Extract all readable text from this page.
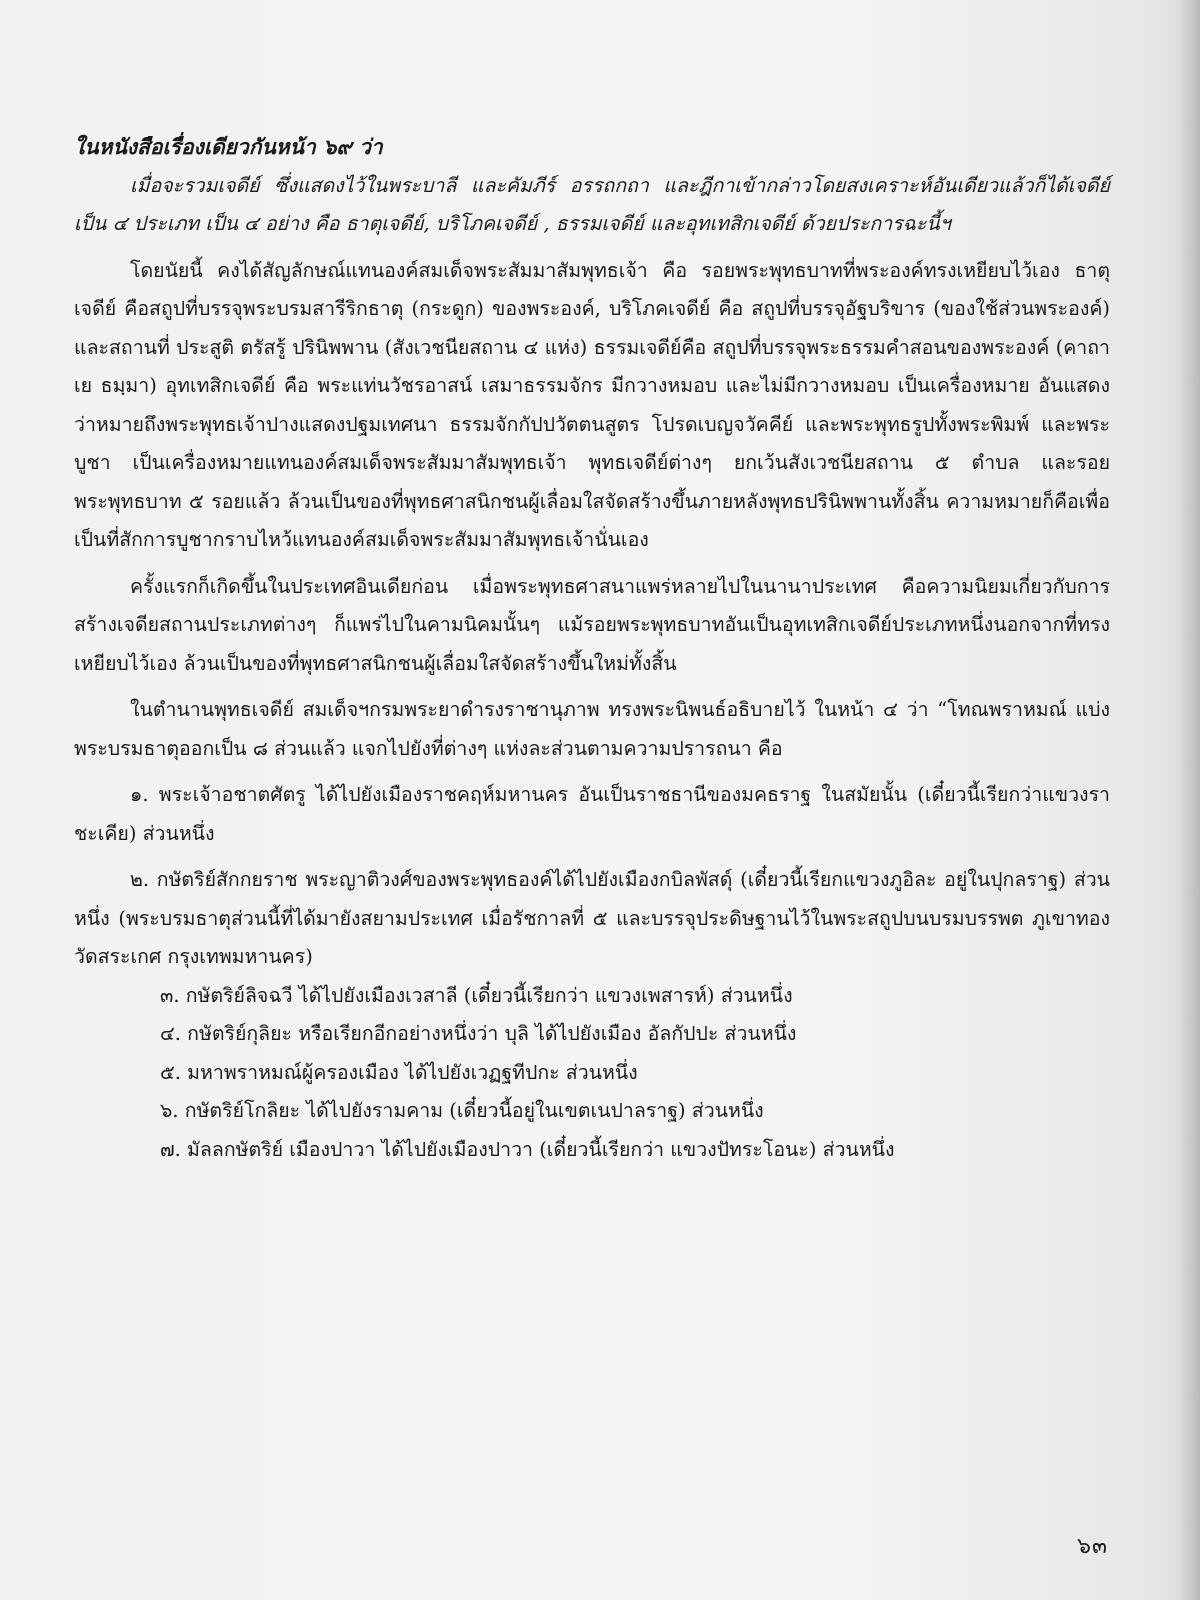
ในหนังสือเรื่องเดียวกันหน้า ๖๙ ว่า

เมื่อจะรวมเจดีย์ ซึ่งแสดงไว้ในพระบาลี และคัมภีร์ อรรถกถา และฎีกาเข้ากล่าวโดยสงเคราะห์อันเดียวแล้วก็ได้เจดีย์ เป็น ๔ ประเภท เป็น ๔ อย่าง คือ ธาตุเจดีย์, บริโภคเจดีย์ , ธรรมเจดีย์ และอุทเทสิกเจดีย์ ด้วยประการฉะนี้ฯ

โดยนัยนี้ คงได้สัญลักษณ์แทนองค์สมเด็จพระสัมมาสัมพุทธเจ้า คือ รอยพระพุทธบาทที่พระองค์ทรงเหยียบไว้เอง ธาตุเจดีย์ คือสถูปที่บรรจุพระบรมสารีริกธาตุ (กระดูก) ของพระองค์, บริโภคเจดีย์ คือ สถูปที่บรรจุอัฐบริขาร (ของใช้ส่วนพระองค์) และสถานที่ ประสูติ ตรัสรู้ ปรินิพพาน (สังเวชนียสถาน ๔ แห่ง) ธรรมเจดีย์คือ สถูปที่บรรจุพระธรรมคำสอนของพระองค์ (คาถา เย ธมฺมา) อุทเทสิกเจดีย์ คือ พระแท่นวัชรอาสน์ เสมาธรรมจักร มีกวางหมอบ และไม่มีกวางหมอบ เป็นเครื่องหมาย อันแสดงว่าหมายถึงพระพุทธเจ้าปางแสดงปฐมเทศนา ธรรมจักกัปปวัตตนสูตร โปรดเบญจวัคคีย์ และพระพุทธรูปทั้งพระพิมพ์ และพระบูชา เป็นเครื่องหมายแทนองค์สมเด็จพระสัมมาสัมพุทธเจ้า พุทธเจดีย์ต่างๆ ยกเว้นสังเวชนียสถาน ๕ ตำบล และรอยพระพุทธบาท ๕ รอยแล้ว ล้วนเป็นของที่พุทธศาสนิกชนผู้เลื่อมใสจัดสร้างขึ้นภายหลังพุทธปรินิพพานทั้งสิ้น ความหมายก็คือเพื่อเป็นที่สักการบูชากราบไหว้แทนองค์สมเด็จพระสัมมาสัมพุทธเจ้านั่นเอง

ครั้งแรกก็เกิดขึ้นในประเทศอินเดียก่อน เมื่อพระพุทธศาสนาแพร่หลายไปในนานาประเทศ คือความนิยมเกี่ยวกับการสร้างเจดียสถานประเภทต่างๆ ก็แพร่ไปในคามนิคมนั้นๆ แม้รอยพระพุทธบาทอันเป็นอุทเทสิกเจดีย์ประเภทหนึ่งนอกจากที่ทรงเหยียบไว้เอง ล้วนเป็นของที่พุทธศาสนิกชนผู้เลื่อมใสจัดสร้างขึ้นใหม่ทั้งสิ้น

ในตำนานพุทธเจดีย์ สมเด็จฯกรมพระยาดำรงราชานุภาพ ทรงพระนิพนธ์อธิบายไว้ ในหน้า ๔ ว่า “โทณพราหมณ์ แบ่งพระบรมธาตุออกเป็น ๘ ส่วนแล้ว แจกไปยังที่ต่างๆ แห่งละส่วนตามความปรารถนา คือ

๑. พระเจ้าอชาตศัตรู ได้ไปยังเมืองราชคฤห์มหานคร อันเป็นราชธานีของมคธราฐ ในสมัยนั้น (เดี๋ยวนี้เรียกว่าแขวงราชะเคีย) ส่วนหนึ่ง

๒. กษัตริย์สักกยราช พระญาติวงศ์ของพระพุทธองค์ได้ไปยังเมืองกบิลพัสดุ์ (เดี๋ยวนี้เรียกแขวงภูอิละ อยู่ในปุกลราฐ) ส่วนหนึ่ง (พระบรมธาตุส่วนนี้ที่ได้มายังสยามประเทศ เมื่อรัชกาลที่ ๕ และบรรจุประดิษฐานไว้ในพระสถูปบนบรมบรรพต ภูเขาทอง วัดสระเกศ กรุงเทพมหานคร)

๓. กษัตริย์ลิจฉวี ได้ไปยังเมืองเวสาลี (เดี๋ยวนี้เรียกว่า แขวงเพสารห์) ส่วนหนึ่ง

๔. กษัตริย์กุลิยะ หรือเรียกอีกอย่างหนึ่งว่า บุลิ ได้ไปยังเมือง อัลกัปปะ ส่วนหนึ่ง

๕. มหาพราหมณ์ผู้ครองเมือง ได้ไปยังเวฏฐทีปกะ ส่วนหนึ่ง

๖. กษัตริย์โกลิยะ ได้ไปยังรามคาม (เดี๋ยวนี้อยู่ในเขตเนปาลราฐ) ส่วนหนึ่ง

๗. มัลลกษัตริย์ เมืองปาวา ได้ไปยังเมืองปาวา (เดี๋ยวนี้เรียกว่า แขวงปัทระโอนะ) ส่วนหนึ่ง

๖๓
